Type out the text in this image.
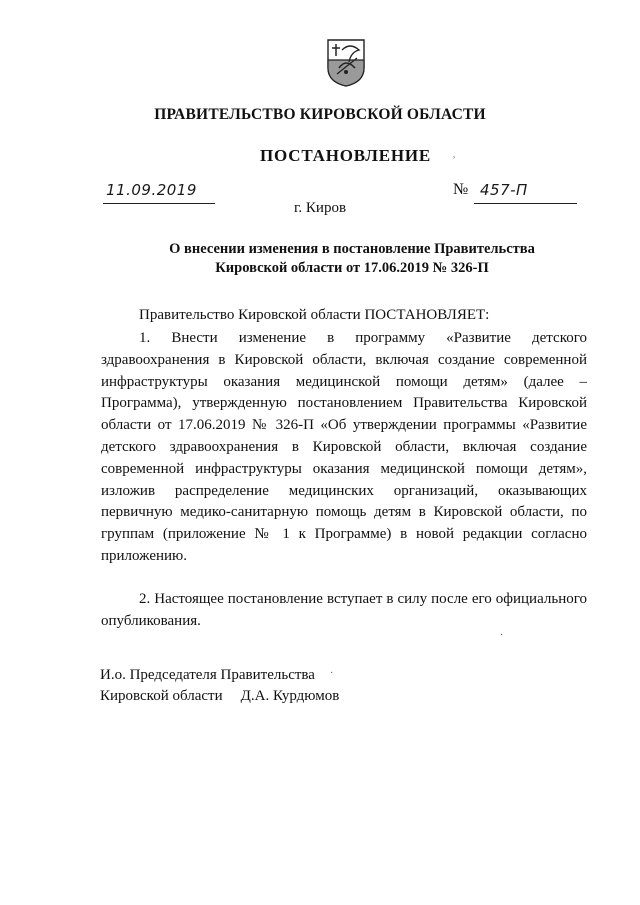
ПРАВИТЕЛЬСТВО КИРОВСКОЙ ОБЛАСТИ
ПОСТАНОВЛЕНИЕ ˒
11.09.2019	№ 457-П
г. Киров
О внесении изменения в постановление Правительства
Кировской области от 17.06.2019 № 326-П
Правительство Кировской области ПОСТАНОВЛЯЕТ:
1. Внести изменение в программу «Развитие детского здравоохранения в Кировской области, включая создание современной инфраструктуры оказания медицинской помощи детям» (далее – Программа), утвержденную постановлением Правительства Кировской области от 17.06.2019 № 326-П «Об утверждении программы «Развитие детского здравоохранения в Кировской области, включая создание современной инфраструктуры оказания медицинской помощи детям», изложив распределение медицинских организаций, оказывающих первичную медико-санитарную помощь детям в Кировской области, по группам (приложение № 1 к Программе) в новой редакции согласно приложению.
2. Настоящее постановление вступает в силу после его официального опубликования.
И.о. Председателя Правительства
Кировской области Д.А. Курдюмов
·
·
